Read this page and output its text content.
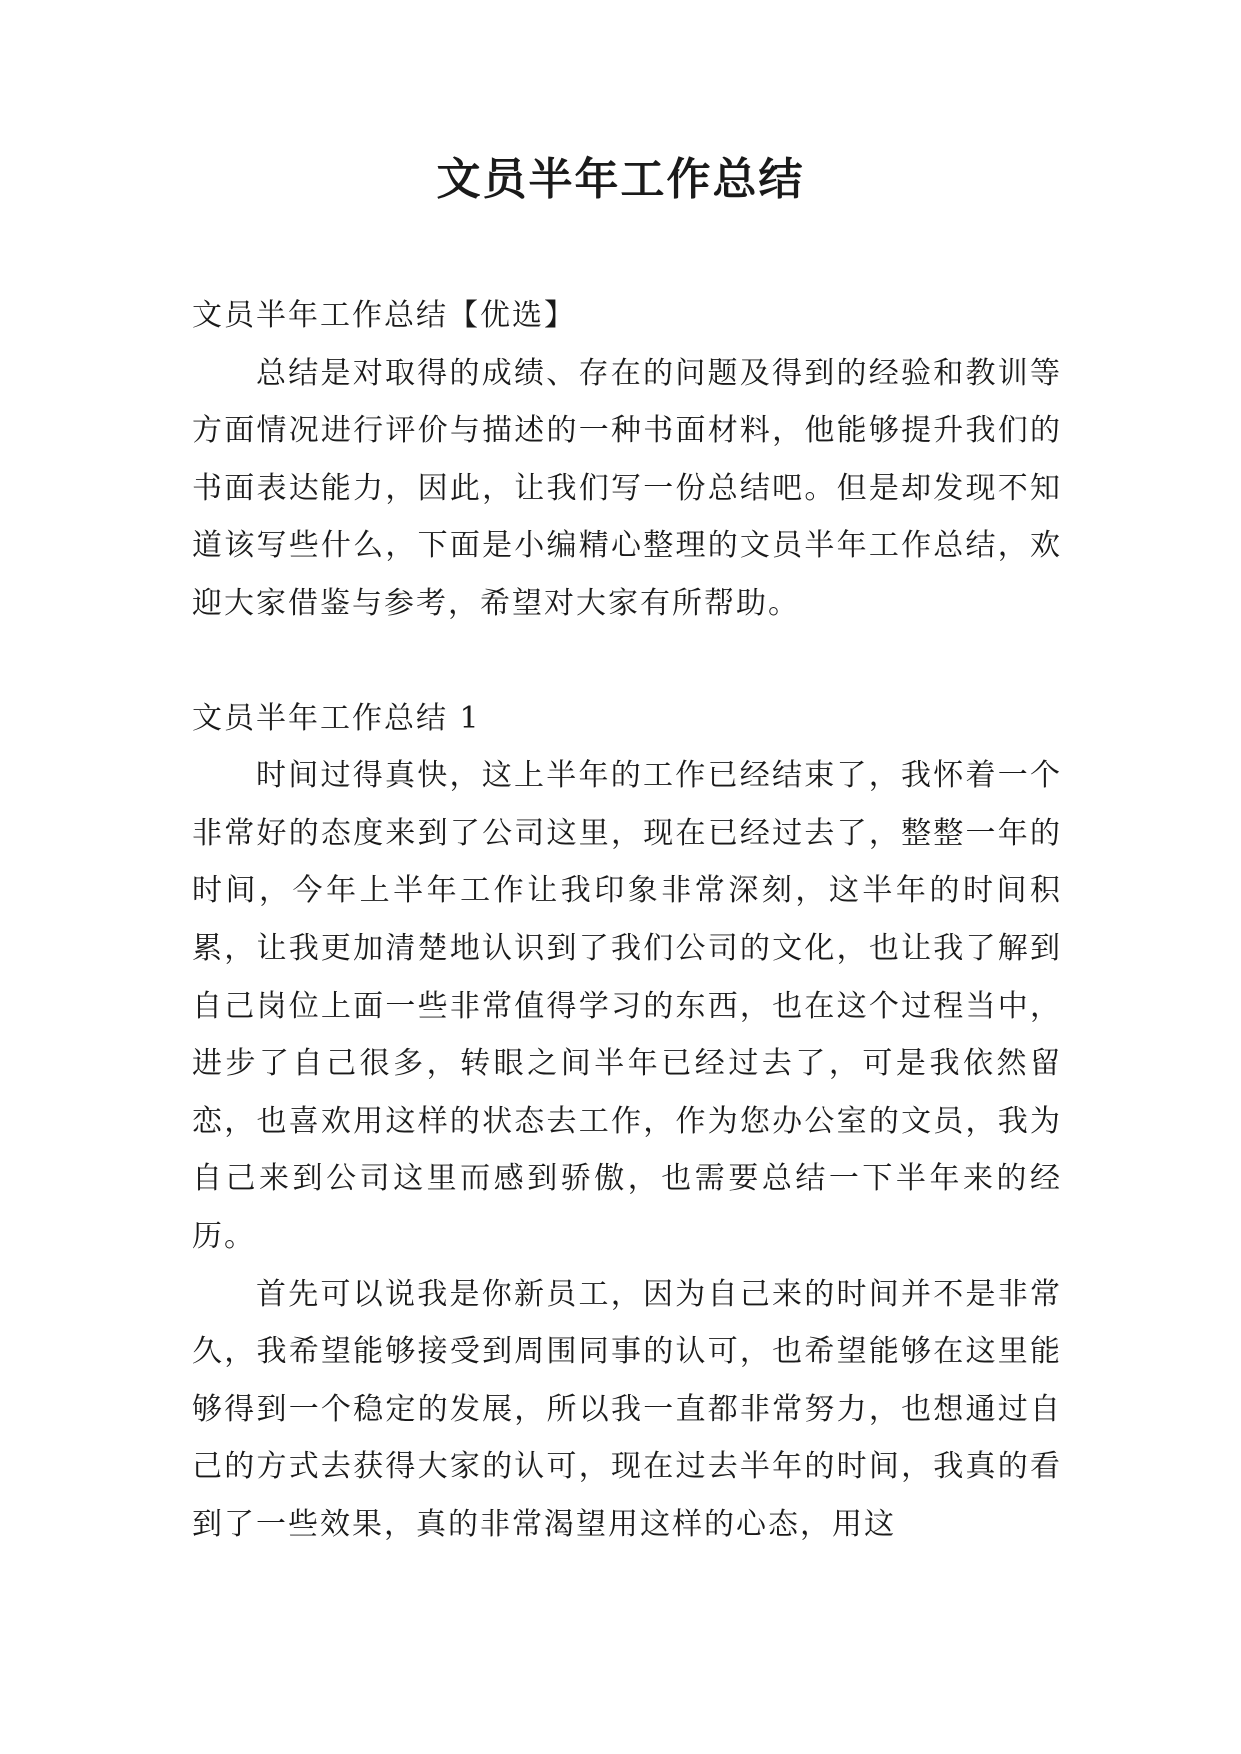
文员半年工作总结

文员半年工作总结【优选】

总结是对取得的成绩、存在的问题及得到的经验和教训等方面情况进行评价与描述的一种书面材料，他能够提升我们的书面表达能力，因此，让我们写一份总结吧。但是却发现不知道该写些什么，下面是小编精心整理的文员半年工作总结，欢迎大家借鉴与参考，希望对大家有所帮助。

文员半年工作总结 1

时间过得真快，这上半年的工作已经结束了，我怀着一个非常好的态度来到了公司这里，现在已经过去了，整整一年的时间，今年上半年工作让我印象非常深刻，这半年的时间积累，让我更加清楚地认识到了我们公司的文化，也让我了解到自己岗位上面一些非常值得学习的东西，也在这个过程当中，进步了自己很多，转眼之间半年已经过去了，可是我依然留恋，也喜欢用这样的状态去工作，作为您办公室的文员，我为自己来到公司这里而感到骄傲，也需要总结一下半年来的经历。

首先可以说我是你新员工，因为自己来的时间并不是非常久，我希望能够接受到周围同事的认可，也希望能够在这里能够得到一个稳定的发展，所以我一直都非常努力，也想通过自己的方式去获得大家的认可，现在过去半年的时间，我真的看到了一些效果，真的非常渴望用这样的心态，用这
